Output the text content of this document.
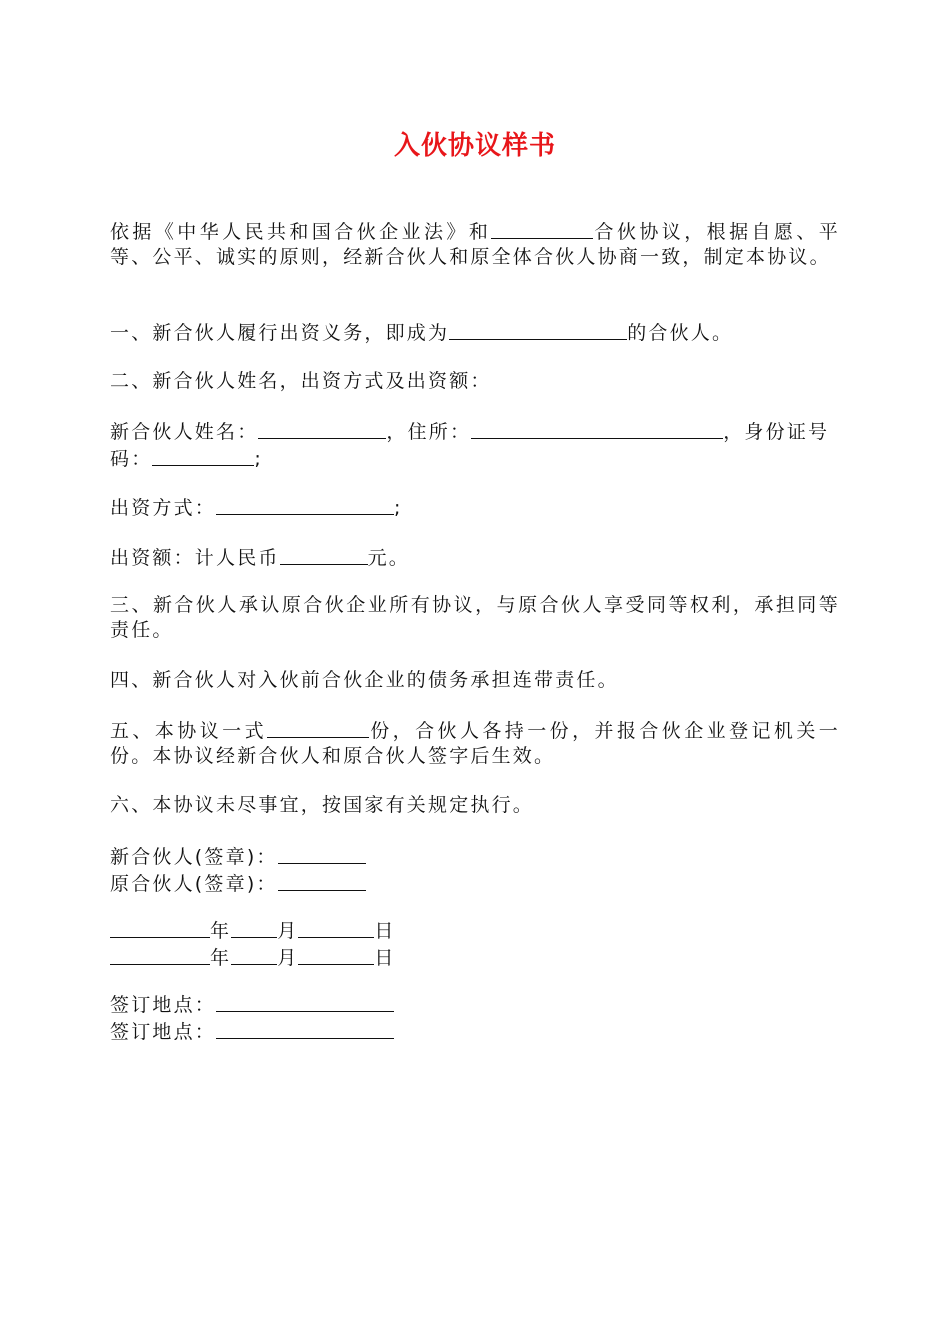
入伙协议样书
依据《中华人民共和国合伙企业法》和	合伙协议，根据自愿、平等、公平、诚实的原则，经新合伙人和原全体合伙人协商一致，制定本协议。
一、新合伙人履行出资义务，即成为	的合伙人。
二、新合伙人姓名，出资方式及出资额：
新合伙人姓名：	，住所：	，身份证号码：	;
出资方式：	;
出资额：计人民币	元。
三、新合伙人承认原合伙企业所有协议，与原合伙人享受同等权利，承担同等责任。
四、新合伙人对入伙前合伙企业的债务承担连带责任。
五、本协议一式	份，合伙人各持一份，并报合伙企业登记机关一份。本协议经新合伙人和原合伙人签字后生效。
六、本协议未尽事宜，按国家有关规定执行。
新合伙人(签章)：
原合伙人(签章)：
年 月	日
年 月	日
签订地点：
签订地点：
